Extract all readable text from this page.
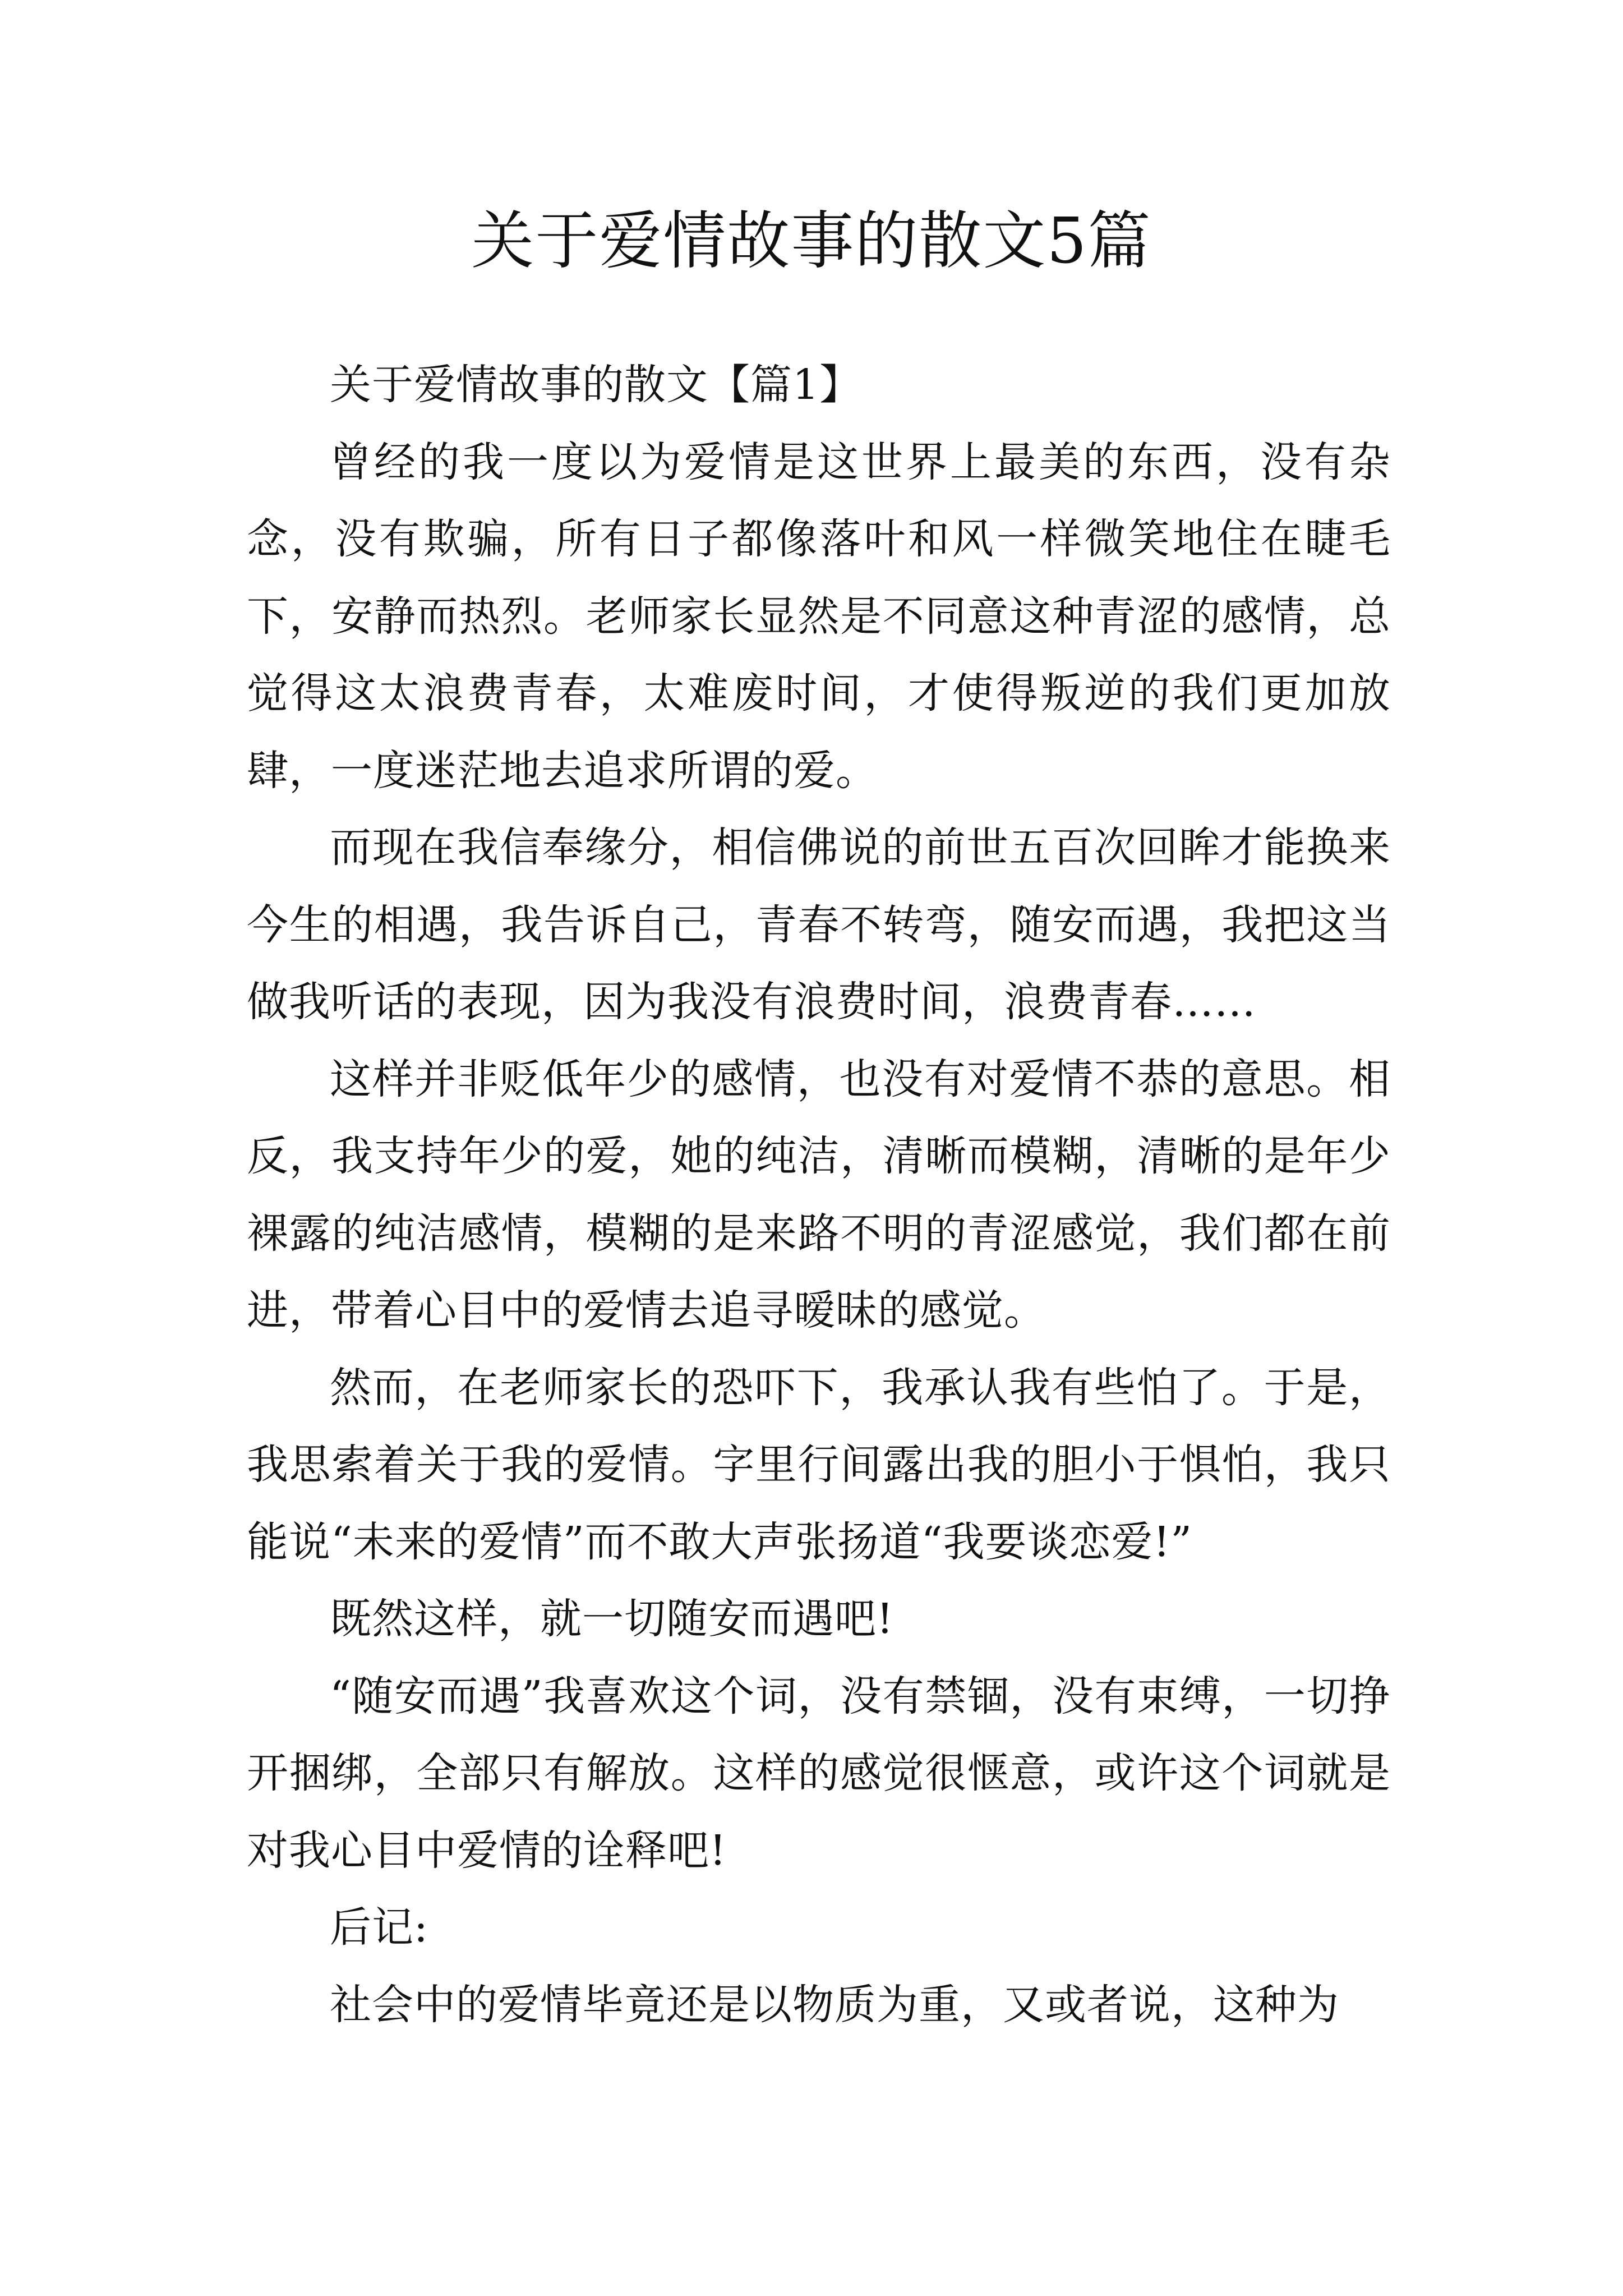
关于爱情故事的散文5篇

关于爱情故事的散文【篇1】

曾经的我一度以为爱情是这世界上最美的东西，没有杂念，没有欺骗，所有日子都像落叶和风一样微笑地住在睫毛下，安静而热烈。老师家长显然是不同意这种青涩的感情，总觉得这太浪费青春，太难废时间，才使得叛逆的我们更加放肆，一度迷茫地去追求所谓的爱。

而现在我信奉缘分，相信佛说的前世五百次回眸才能换来今生的相遇，我告诉自己，青春不转弯，随安而遇，我把这当做我听话的表现，因为我没有浪费时间，浪费青春……

这样并非贬低年少的感情，也没有对爱情不恭的意思。相反，我支持年少的爱，她的纯洁，清晰而模糊，清晰的是年少裸露的纯洁感情，模糊的是来路不明的青涩感觉，我们都在前进，带着心目中的爱情去追寻暧昧的感觉。

然而，在老师家长的恐吓下，我承认我有些怕了。于是，我思索着关于我的爱情。字里行间露出我的胆小于惧怕，我只能说“未来的爱情”而不敢大声张扬道“我要谈恋爱!”

既然这样，就一切随安而遇吧!

“随安而遇”我喜欢这个词，没有禁锢，没有束缚，一切挣开捆绑，全部只有解放。这样的感觉很惬意，或许这个词就是对我心目中爱情的诠释吧!

后记:

社会中的爱情毕竟还是以物质为重，又或者说，这种为
